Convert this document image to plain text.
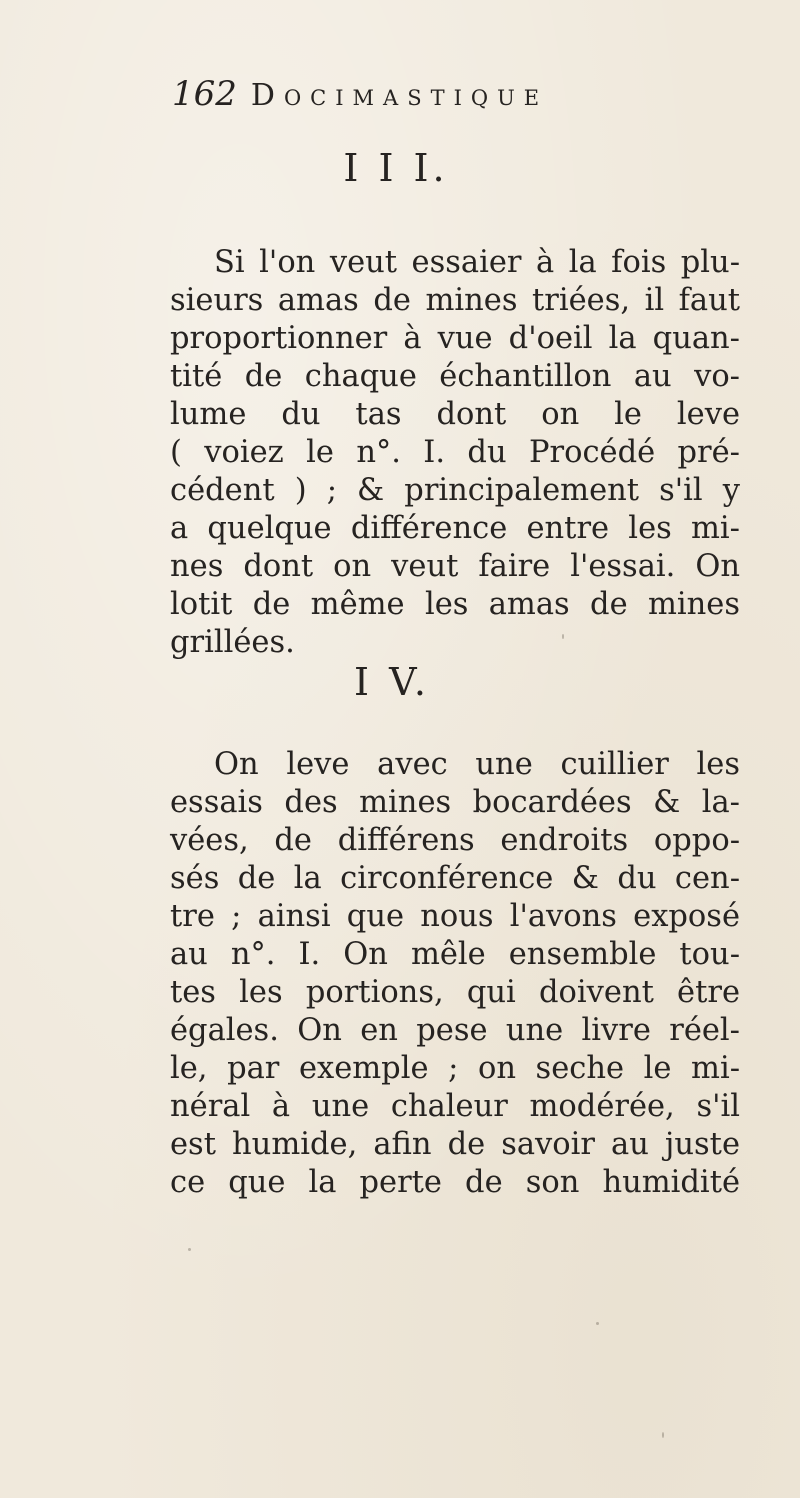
162 Docimastique
I I I.
Si l'on veut essaier à la fois plu-
sieurs amas de mines triées, il faut
proportionner à vue d'oeil la quan-
tité de chaque échantillon au vo-
lume du tas dont on le leve
( voiez le n°. I. du Procédé pré-
cédent ) ; & principalement s'il y
a quelque différence entre les mi-
nes dont on veut faire l'essai. On
lotit de même les amas de mines
grillées.
I V.
On leve avec une cuillier les
essais des mines bocardées & la-
vées, de différens endroits oppo-
sés de la circonférence & du cen-
tre ; ainsi que nous l'avons exposé
au n°. I. On mêle ensemble tou-
tes les portions, qui doivent être
égales. On en pese une livre réel-
le, par exemple ; on seche le mi-
néral à une chaleur modérée, s'il
est humide, afin de savoir au juste
ce que la perte de son humidité
